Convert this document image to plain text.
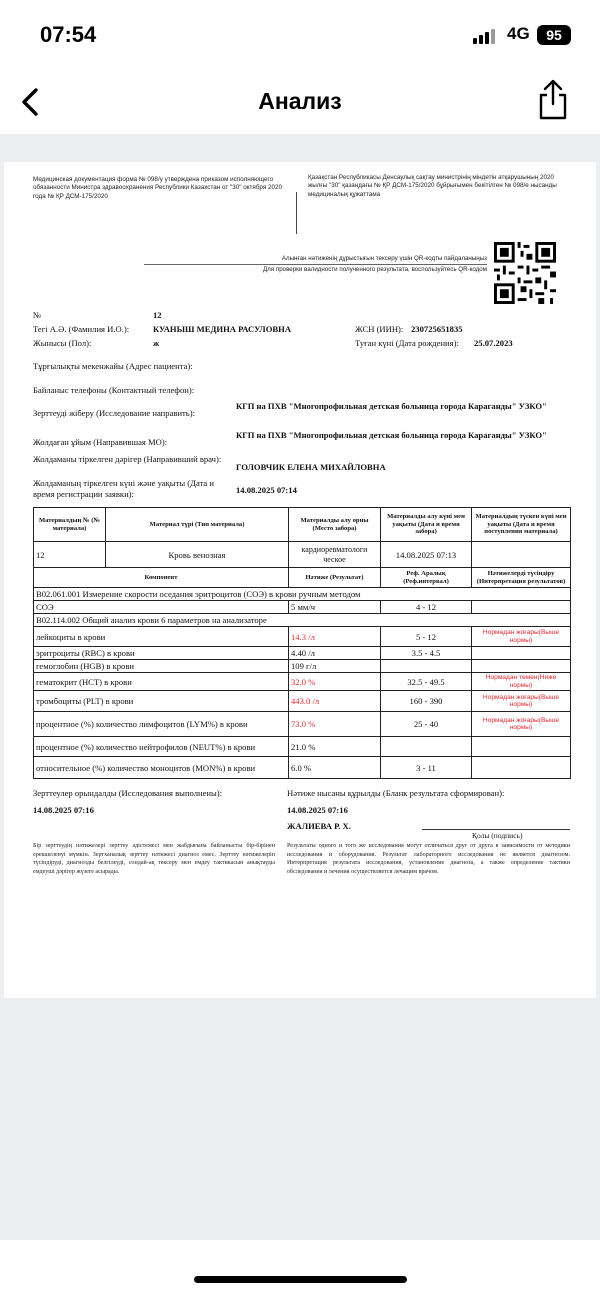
07:54	4G	95
Анализ
Медицинская документация форма № 098/у утверждена приказом исполняющего обязанности Министра здравоохранения Республики Казахстан от "30" октября 2020 года № ҚР ДСМ-175/2020
Қазақстан Республикасы Денсаулық сақтау министрінің міндетін атқарушының 2020 жылғы "30" қазандағы № ҚР ДСМ-175/2020 бұйрығымен бекітілген № 098/е нысанды медициналық құжаттама
Алынған нәтиженің дұрыстығын тексеру үшін QR-кодты пайдаланыңыз
Для проверки валидности полученного результата, воспользуйтесь QR-кодом
№	12
Тегі А.Ә. (Фамилия И.О.):	КУАНЫШ МЕДИНА РАСУЛОВНА	ЖСН (ИИН): 230725651835
Жынысы (Пол):	ж	Туған күні (Дата рождения): 25.07.2023
Тұрғылықты мекенжайы (Адрес пациента):
Байланыс телефоны (Контактный телефон):
Зерттеуді жіберу (Исследование направить):
КГП на ПХВ "Многопрофильная детская больница города Караганды" УЗКО"
Жолдаған ұйым (Направившая МО):
КГП на ПХВ "Многопрофильная детская больница города Караганды" УЗКО"
Жолдаманы тіркелген дәрігер (Направивший врач):
ГОЛОВЧИК ЕЛЕНА МИХАЙЛОВНА
Жолдаманың тіркелген күні және уақыты (Дата и время регистрации заявки):	14.08.2025 07:14
Материалдың № (№ материала)	Материал түрі (Тип материала)	Материалды алу орны (Место забора)	Материалды алу күні мен уақыты (Дата и время забора)	Материалдың түскен күні мен уақыты (Дата и время поступления материала)
12	Кровь венозная	кардиоревматологи ческое	14.08.2025 07:13	
Компонент	Нәтиже (Результат)	Реф. Аралық (Реф.интервал)	Нәтижелерді түсіндіру (Интерпретация результатов)
B02.061.001 Измерение скорости оседания эритроцитов (СОЭ) в крови ручным методом			
СОЭ	5 мм/ч	4 - 12	
B02.114.002 Общий анализ крови 6 параметров на анализаторе			
лейкоциты в крови	14.3 /л	5 - 12	Нормадан жоғары(Выше нормы)
эритроциты (RBC) в крови	4.40 /л	3.5 - 4.5	
гемоглобин (HGB) в крови	109 г/л		
гематокрит (HCT) в крови	32.0 %	32.5 - 49.5	Нормадан төмен(Ниже нормы)
тромбоциты (PLT) в крови	443.0 /л	160 - 390	Нормадан жоғары(Выше нормы)
процентное (%) количество лимфоцитов (LYM%) в крови	73.0 %	25 - 40	Нормадан жоғары(Выше нормы)
процентное (%) количество нейтрофилов (NEUT%) в крови	21.0 %		
относительное (%) количество моноцитов (MON%) в крови	6.0 %	3 - 11	
Зерттеулер орындалды (Исследования выполнены):
14.08.2025 07:16
Нәтиже нысаны құрылды (Бланк результата сформирован):
14.08.2025 07:16
ЖАЛИЕВА Р. Х.
Қолы (подпись)
Бір зерттеудің нәтижелері зерттеу әдістемесі мен жабдығына байланысты бір-бірінен ерекшеленуі мүмкін. Зертханалық зерттеу нәтижесі диагноз емес. Зерттеу нәтижелерін түсіндіруді, диагнозды белгілеуді, сондай-ақ тексеру мен емдеу тактикасын анықтауды емдеуші дәрігер жүзеге асырады.
Результаты одного и того же исследования могут отличаться друг от друга в зависимости от методики исследования и оборудования. Результат лабораторного исследования не является диагнозом. Интерпретация результата исследования, установление диагноза, а также определение тактики обследования и лечения осуществляется лечащим врачом.
